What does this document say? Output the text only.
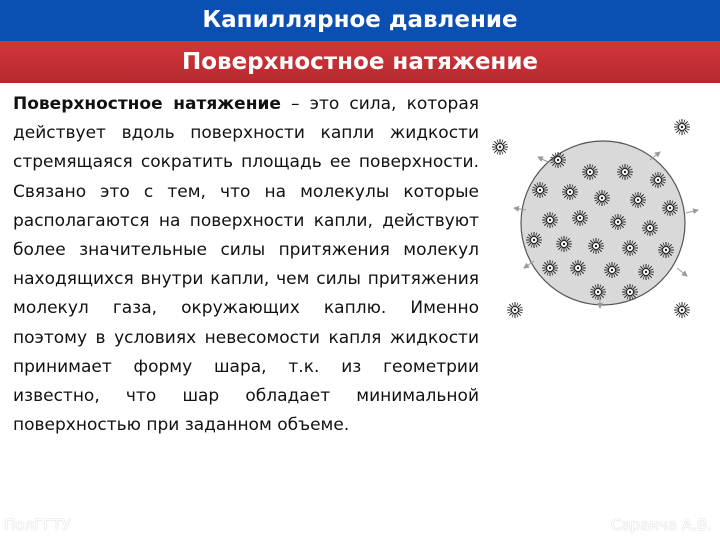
Капиллярное давление
Поверхностное натяжение
Поверхностное натяжение – это сила, которая действует вдоль поверхности капли жидкости стремящаяся сократить площадь ее поверхности. Связано это с тем, что на молекулы которые располагаются на поверхности капли, действуют более значительные силы притяжения молекул находящихся внутри капли, чем силы притяжения молекул газа, окружающих каплю. Именно поэтому в условиях невесомости капля жидкости принимает форму шара, т.к. из геометрии известно, что шар обладает минимальной поверхностью при заданном объеме.
ПолГГТУ	Саранча А.В.
